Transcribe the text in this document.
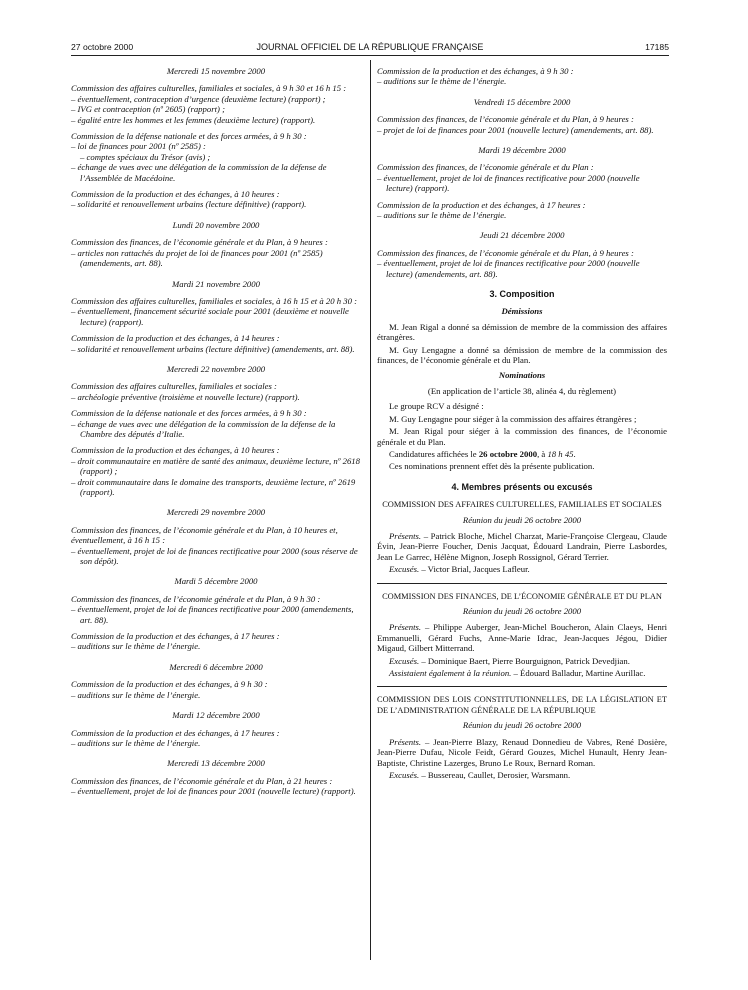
27 octobre 2000	JOURNAL OFFICIEL DE LA RÉPUBLIQUE FRANÇAISE	17185
Mercredi 15 novembre 2000
Commission des affaires culturelles, familiales et sociales, à 9 h 30 et 16 h 15 :
– éventuellement, contraception d’urgence (deuxième lecture) (rapport) ;
– IVG et contraception (nº 2605) (rapport) ;
– égalité entre les hommes et les femmes (deuxième lecture) (rapport).
Commission de la défense nationale et des forces armées, à 9 h 30 :
– loi de finances pour 2001 (nº 2585) :
– comptes spéciaux du Trésor (avis) ;
– échange de vues avec une délégation de la commission de la défense de l’Assemblée de Macédoine.
Commission de la production et des échanges, à 10 heures :
– solidarité et renouvellement urbains (lecture définitive) (rapport).
Lundi 20 novembre 2000
Commission des finances, de l’économie générale et du Plan, à 9 heures :
– articles non rattachés du projet de loi de finances pour 2001 (nº 2585) (amendements, art. 88).
Mardi 21 novembre 2000
Commission des affaires culturelles, familiales et sociales, à 16 h 15 et à 20 h 30 :
– éventuellement, financement sécurité sociale pour 2001 (deuxième et nouvelle lecture) (rapport).
Commission de la production et des échanges, à 14 heures :
– solidarité et renouvellement urbains (lecture définitive) (amendements, art. 88).
Mercredi 22 novembre 2000
Commission des affaires culturelles, familiales et sociales :
– archéologie préventive (troisième et nouvelle lecture) (rapport).
Commission de la défense nationale et des forces armées, à 9 h 30 :
– échange de vues avec une délégation de la commission de la défense de la Chambre des députés d’Italie.
Commission de la production et des échanges, à 10 heures :
– droit communautaire en matière de santé des animaux, deuxième lecture, nº 2618 (rapport) ;
– droit communautaire dans le domaine des transports, deuxième lecture, nº 2619 (rapport).
Mercredi 29 novembre 2000
Commission des finances, de l’économie générale et du Plan, à 10 heures et, éventuellement, à 16 h 15 :
– éventuellement, projet de loi de finances rectificative pour 2000 (sous réserve de son dépôt).
Mardi 5 décembre 2000
Commission des finances, de l’économie générale et du Plan, à 9 h 30 :
– éventuellement, projet de loi de finances rectificative pour 2000 (amendements, art. 88).
Commission de la production et des échanges, à 17 heures :
– auditions sur le thème de l’énergie.
Mercredi 6 décembre 2000
Commission de la production et des échanges, à 9 h 30 :
– auditions sur le thème de l’énergie.
Mardi 12 décembre 2000
Commission de la production et des échanges, à 17 heures :
– auditions sur le thème de l’énergie.
Mercredi 13 décembre 2000
Commission des finances, de l’économie générale et du Plan, à 21 heures :
– éventuellement, projet de loi de finances pour 2001 (nouvelle lecture) (rapport).
Commission de la production et des échanges, à 9 h 30 :
– auditions sur le thème de l’énergie.
Vendredi 15 décembre 2000
Commission des finances, de l’économie générale et du Plan, à 9 heures :
– projet de loi de finances pour 2001 (nouvelle lecture) (amendements, art. 88).
Mardi 19 décembre 2000
Commission des finances, de l’économie générale et du Plan :
– éventuellement, projet de loi de finances rectificative pour 2000 (nouvelle lecture) (rapport).
Commission de la production et des échanges, à 17 heures :
– auditions sur le thème de l’énergie.
Jeudi 21 décembre 2000
Commission des finances, de l’économie générale et du Plan, à 9 heures :
– éventuellement, projet de loi de finances rectificative pour 2000 (nouvelle lecture) (amendements, art. 88).
3. Composition
Démissions

M. Jean Rigal a donné sa démission de membre de la commission des affaires étrangères.

M. Guy Lengagne a donné sa démission de membre de la commission des finances, de l’économie générale et du Plan.

Nominations
(En application de l’article 38, alinéa 4, du règlement)

Le groupe RCV a désigné :

M. Guy Lengagne pour siéger à la commission des affaires étrangères ;

M. Jean Rigal pour siéger à la commission des finances, de l’économie générale et du Plan.

Candidatures affichées le 26 octobre 2000, à 18 h 45.

Ces nominations prennent effet dès la présente publication.

4. Membres présents ou excusés
COMMISSION DES AFFAIRES CULTURELLES, FAMILIALES ET SOCIALES
Réunion du jeudi 26 octobre 2000

Présents. – Patrick Bloche, Michel Charzat, Marie-Françoise Clergeau, Claude Évin, Jean-Pierre Foucher, Denis Jacquat, Édouard Landrain, Pierre Lasbordes, Jean Le Garrec, Hélène Mignon, Joseph Rossignol, Gérard Terrier.

Excusés. – Victor Brial, Jacques Lafleur.

COMMISSION DES FINANCES, DE L’ÉCONOMIE GÉNÉRALE ET DU PLAN
Réunion du jeudi 26 octobre 2000

Présents. – Philippe Auberger, Jean-Michel Boucheron, Alain Claeys, Henri Emmanuelli, Gérard Fuchs, Anne-Marie Idrac, Jean-Jacques Jégou, Didier Migaud, Gilbert Mitterrand.

Excusés. – Dominique Baert, Pierre Bourguignon, Patrick Devedjian.

Assistaient également à la réunion. – Édouard Balladur, Martine Aurillac.

COMMISSION DES LOIS CONSTITUTIONNELLES, DE LA LÉGISLATION ET DE L’ADMINISTRATION GÉNÉRALE DE LA RÉPUBLIQUE
Réunion du jeudi 26 octobre 2000

Présents. – Jean-Pierre Blazy, Renaud Donnedieu de Vabres, René Dosière, Jean-Pierre Dufau, Nicole Feidt, Gérard Gouzes, Michel Hunault, Henry Jean-Baptiste, Christine Lazerges, Bruno Le Roux, Bernard Roman.

Excusés. – Bussereau, Caullet, Derosier, Warsmann.
